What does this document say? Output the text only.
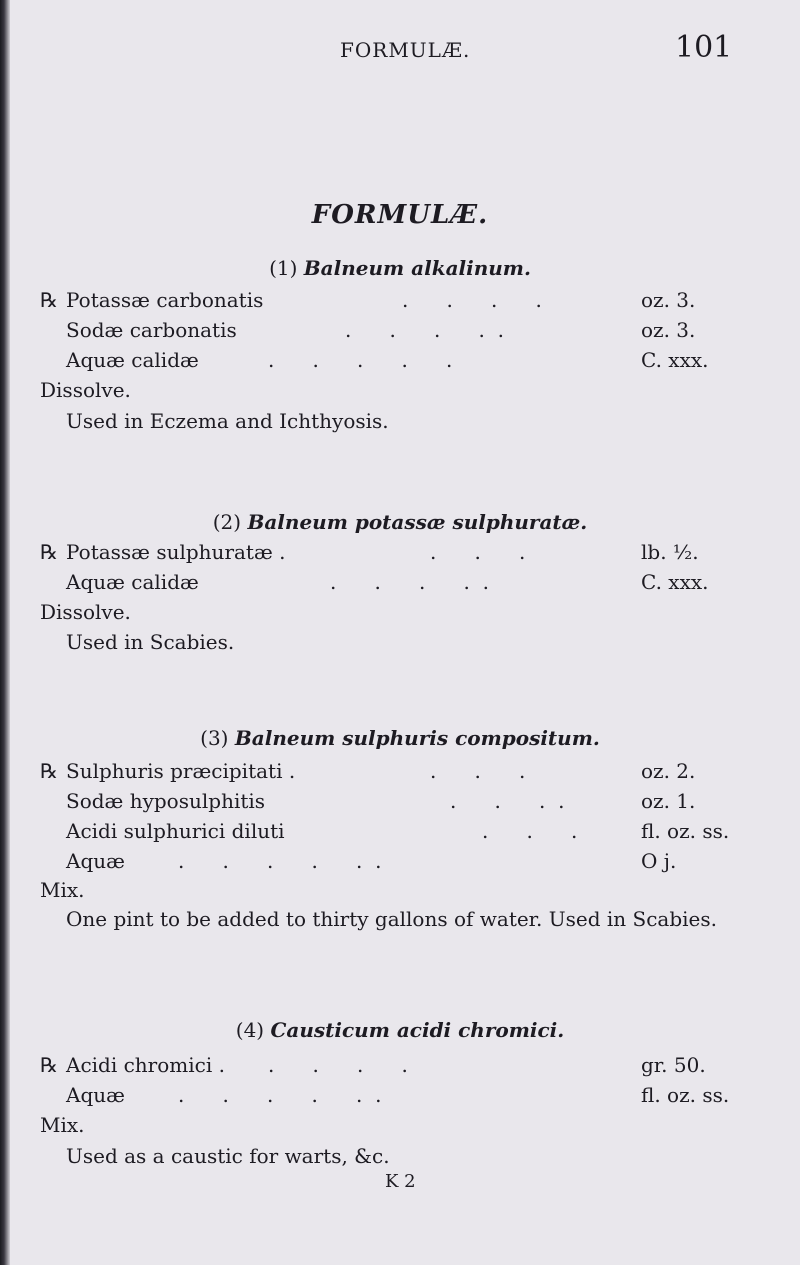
FORMULÆ.	101
FORMULÆ.
(1) Balneum alkalinum.
℞ Potassæ carbonatis	.      .      .      .	oz. 3.
Sodæ carbonatis	.      .      .      .  .	oz. 3.
Aquæ calidæ	.      .      .      .      .	C. xxx.
Dissolve.
Used in Eczema and Ichthyosis.
(2) Balneum potassæ sulphuratæ.
℞ Potassæ sulphuratæ .	.      .      .	lb. ½.
Aquæ calidæ	.      .      .      .  .	C. xxx.
Dissolve.
Used in Scabies.
(3) Balneum sulphuris compositum.
℞ Sulphuris præcipitati .	.      .      .	oz. 2.
Sodæ hyposulphitis	.      .      .  .	oz. 1.
Acidi sulphurici diluti	.      .      .	fl. oz. ss.
Aquæ	.      .      .      .      .  .	O j.
Mix.
One pint to be added to thirty gallons of water. Used in Scabies.
(4) Causticum acidi chromici.
℞ Acidi chromici . .      .      .      .	gr. 50.
Aquæ	.      .      .      .      .  .	fl. oz. ss.
Mix.
Used as a caustic for warts, &c.
K 2
